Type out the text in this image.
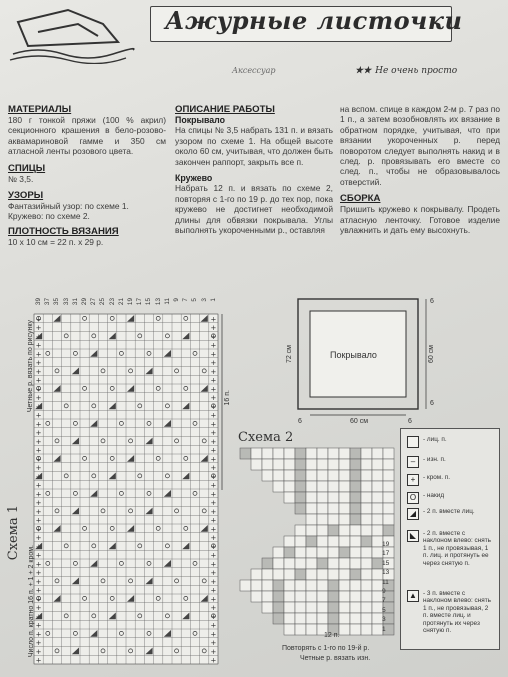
Ажурные листочки
Аксессуар	★★ Не очень просто
МАТЕРИАЛЫ

180 г тонкой пряжи (100 % акрил) секционного крашения в бело-розово-аквамариновой гамме и 350 см атласной ленты розового цвета.

СПИЦЫ

№ 3,5.

УЗОРЫ
Фантазийный узор: по схеме 1.
Кружево: по схеме 2.
ПЛОТНОСТЬ ВЯЗАНИЯ

10 х 10 см = 22 п. х 29 р.

ОПИСАНИЕ РАБОТЫ
Покрывало

На спицы № 3,5 набрать 131 п. и вязать узором по схеме 1. На общей высоте около 60 см, учитывая, что должен быть закончен раппорт, закрыть все п.

Кружево

Набрать 12 п. и вязать по схеме 2, повторяя с 1-го по 19 р. до тех пор, пока кружево не достигнет необходимой длины для обвязки покрывала. Углы выполнять укороченными р., оставляя

на вспом. спице в каждом 2-м р. 7 раз по 1 п., а затем возобновлять их вязание в обратном порядке, учитывая, что при вязании укороченных р. перед поворотом следует выполнять накид и в след. р. провязывать его вместе со след. п., чтобы не образовывалось отверстий.

СБОРКА

Пришить кружево к покрывалу. Продеть атласную ленточку. Готовое изделие увлажнить и дать ему высохнуть.

+	+
+	+
+	+
+	+
+	+
+	+
+	+
+	+
+	+
+	+
+	+
+	+
+	+
+	+
+	+
+	+
+	+
+	+
+	+
+	+
+	+
+	+
+	+
+	+
+	+
+	+
+	+
+	+
+	+
+	+
+	+
+	+
+	+
+	+
+	+
+	+
+	+
+	+
+	+
+	+
Схема 1
Четные р. вязать по рисунку
Число п. кратно 16 п. + 1 + 2 кром.
16 п.
39 37 35 33 31 29 27 25 23 21 19 17 15 13 11 9 7 5 3 1
Покрывало
60 см
72 см	60 см
6	6
6
6
Схема 2
19
17
15
13
11
9
7
5
3
1
12 п.
Повторять с 1-го по 19-й р.
Четные р. вязать изн.
- лиц. п.
–	- изн. п.
+	- кром. п.
O	- накид
◢	- 2 п. вместе лиц.
◣	- 2 п. вместе с наклоном влево: снять 1 п., не провязывая, 1 п. лиц. и протянуть ее через снятую п.
▲ - 3 п. вместе с наклоном влево: снять 1 п., не провязывая, 2 п. вместе лиц. и протянуть их через снятую п.
